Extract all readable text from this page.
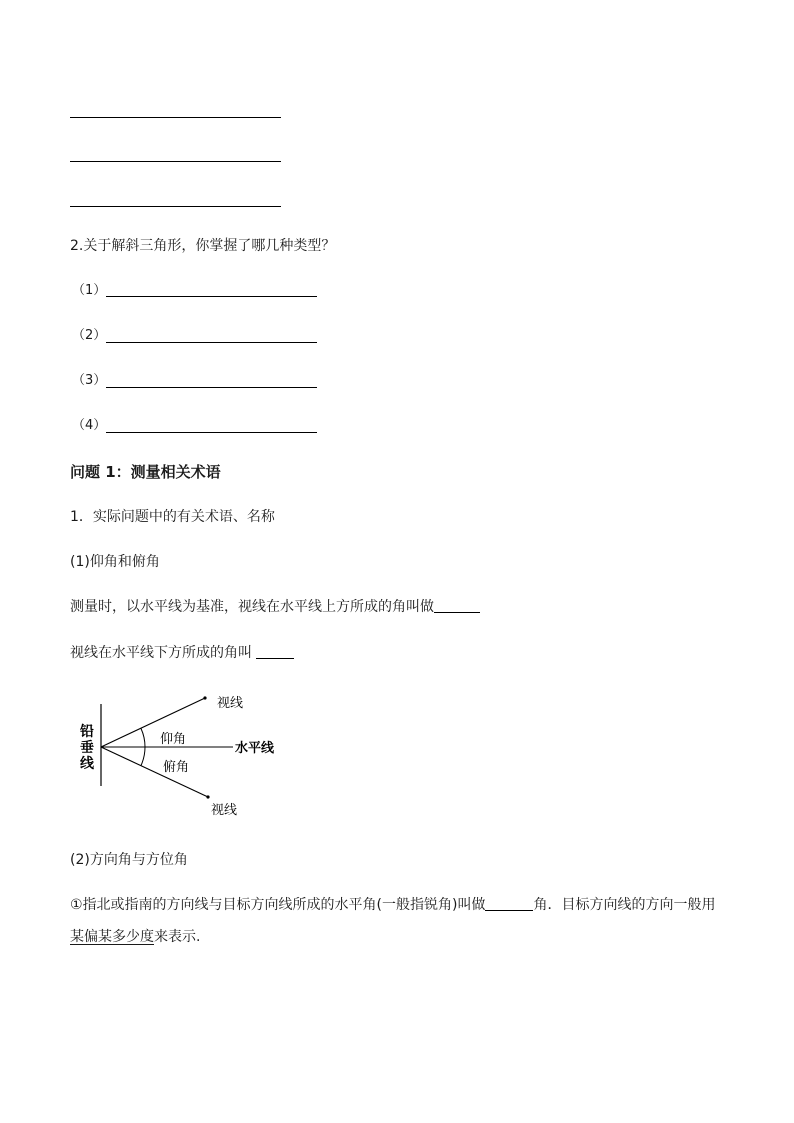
2.关于解斜三角形，你掌握了哪几种类型？
（1）
（2）
（3）
（4）
问题 1：测量相关术语
1．实际问题中的有关术语、名称
(1)仰角和俯角
测量时，以水平线为基准，视线在水平线上方所成的角叫做
视线在水平线下方所成的角叫
铅
垂
线
视线
仰角
水平线
俯角
视线
(2)方向角与方位角
①指北或指南的方向线与目标方向线所成的水平角(一般指锐角)叫做	角．目标方向线的方向一般用
某偏某多少度来表示.
